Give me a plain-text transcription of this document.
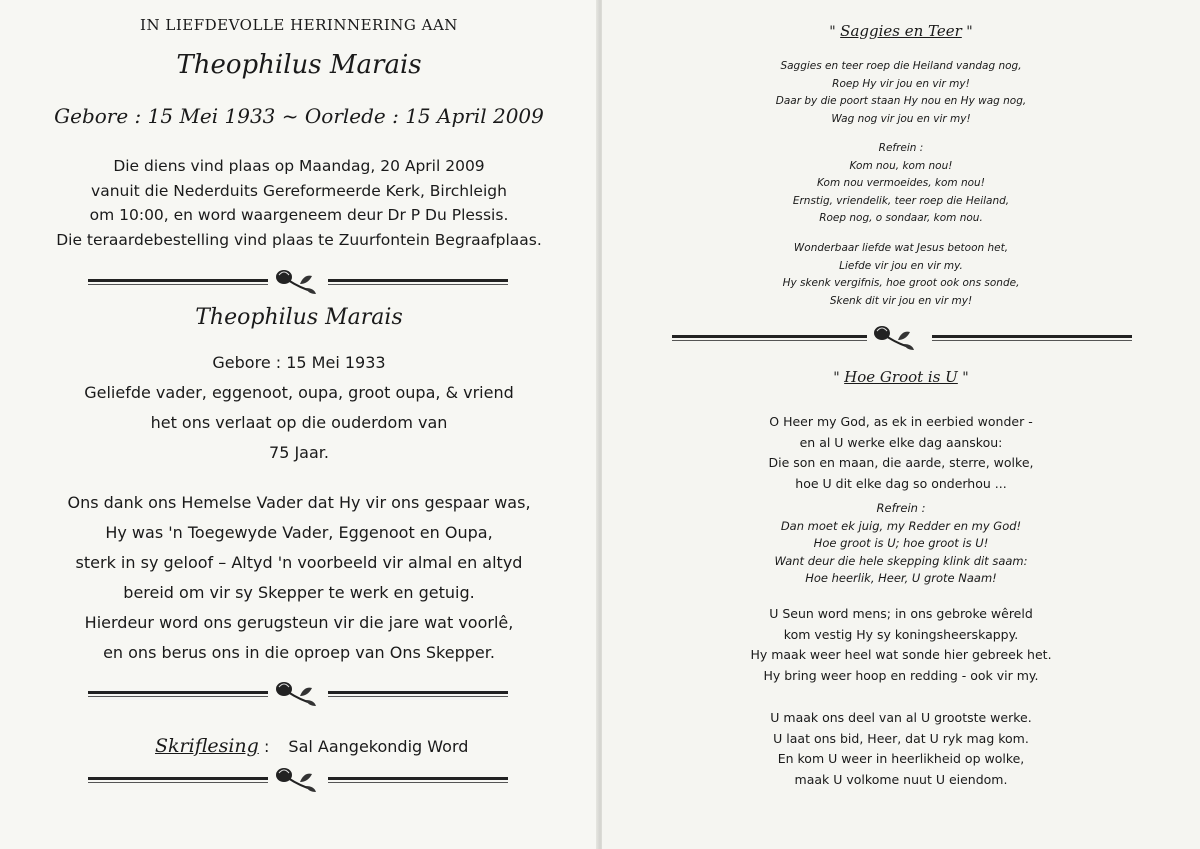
IN LIEFDEVOLLE HERINNERING AAN
Theophilus Marais
Gebore : 15 Mei 1933 ~ Oorlede : 15 April 2009
Die diens vind plaas op Maandag, 20 April 2009
vanuit die Nederduits Gereformeerde Kerk, Birchleigh
om 10:00, en word waargeneem deur Dr P Du Plessis.
Die teraardebestelling vind plaas te Zuurfontein Begraafplaas.
Theophilus Marais
Gebore : 15 Mei 1933
Geliefde vader, eggenoot, oupa, groot oupa, & vriend
het ons verlaat op die ouderdom van
75 Jaar.
Ons dank ons Hemelse Vader dat Hy vir ons gespaar was,
Hy was 'n Toegewyde Vader, Eggenoot en Oupa,
sterk in sy geloof – Altyd 'n voorbeeld vir almal en altyd
bereid om vir sy Skepper te werk en getuig.
Hierdeur word ons gerugsteun vir die jare wat voorlê,
en ons berus ons in die oproep van Ons Skepper.
Skriflesing : Sal Aangekondig Word
" Saggies en Teer "
Saggies en teer roep die Heiland vandag nog,
Roep Hy vir jou en vir my!
Daar by die poort staan Hy nou en Hy wag nog,
Wag nog vir jou en vir my!
Refrein :
Kom nou, kom nou!
Kom nou vermoeides, kom nou!
Ernstig, vriendelik, teer roep die Heiland,
Roep nog, o sondaar, kom nou.
Wonderbaar liefde wat Jesus betoon het,
Liefde vir jou en vir my.
Hy skenk vergifnis, hoe groot ook ons sonde,
Skenk dit vir jou en vir my!
" Hoe Groot is U "
O Heer my God, as ek in eerbied wonder -
en al U werke elke dag aanskou:
Die son en maan, die aarde, sterre, wolke,
hoe U dit elke dag so onderhou ...
Refrein :
Dan moet ek juig, my Redder en my God!
Hoe groot is U; hoe groot is U!
Want deur die hele skepping klink dit saam:
Hoe heerlik, Heer, U grote Naam!
U Seun word mens; in ons gebroke wêreld
kom vestig Hy sy koningsheerskappy.
Hy maak weer heel wat sonde hier gebreek het.
Hy bring weer hoop en redding - ook vir my.
U maak ons deel van al U grootste werke.
U laat ons bid, Heer, dat U ryk mag kom.
En kom U weer in heerlikheid op wolke,
maak U volkome nuut U eiendom.
